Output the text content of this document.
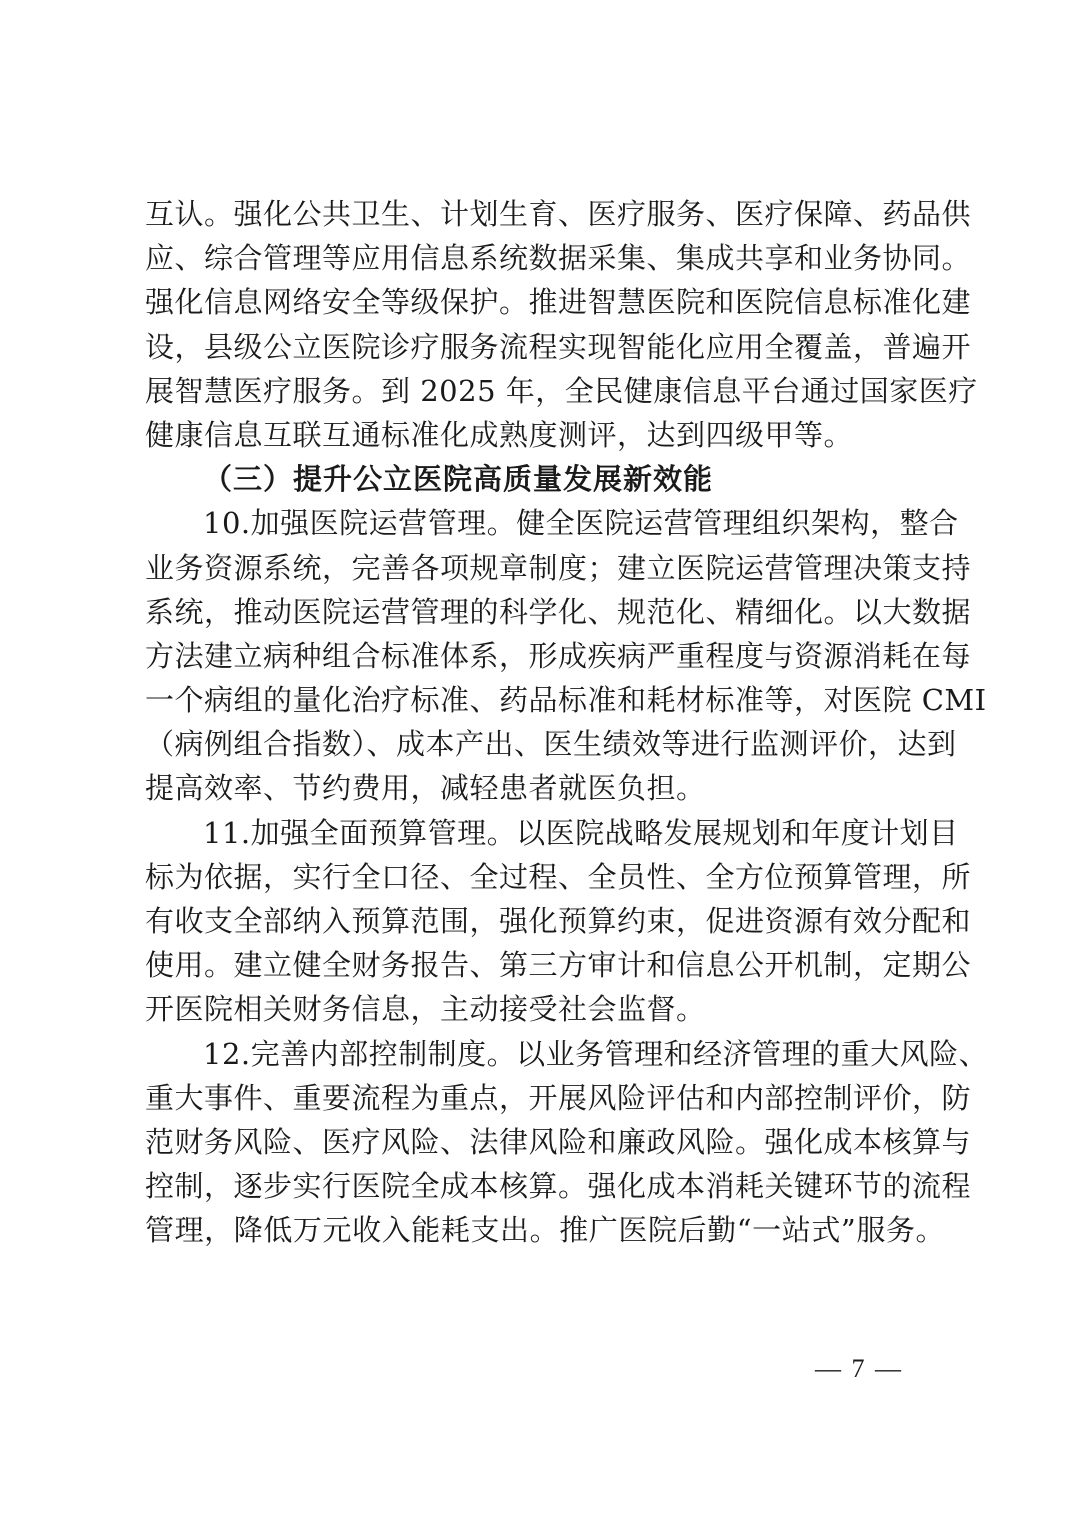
互认。强化公共卫生、计划生育、医疗服务、医疗保障、药品供
应、综合管理等应用信息系统数据采集、集成共享和业务协同。
强化信息网络安全等级保护。推进智慧医院和医院信息标准化建
设，县级公立医院诊疗服务流程实现智能化应用全覆盖，普遍开
展智慧医疗服务。到 2025 年，全民健康信息平台通过国家医疗
健康信息互联互通标准化成熟度测评，达到四级甲等。
（三）提升公立医院高质量发展新效能
10.加强医院运营管理。健全医院运营管理组织架构，整合
业务资源系统，完善各项规章制度；建立医院运营管理决策支持
系统，推动医院运营管理的科学化、规范化、精细化。以大数据
方法建立病种组合标准体系，形成疾病严重程度与资源消耗在每
一个病组的量化治疗标准、药品标准和耗材标准等，对医院 CMI
（病例组合指数）、成本产出、医生绩效等进行监测评价，达到
提高效率、节约费用，减轻患者就医负担。
11.加强全面预算管理。以医院战略发展规划和年度计划目
标为依据，实行全口径、全过程、全员性、全方位预算管理，所
有收支全部纳入预算范围，强化预算约束，促进资源有效分配和
使用。建立健全财务报告、第三方审计和信息公开机制，定期公
开医院相关财务信息，主动接受社会监督。
12.完善内部控制制度。以业务管理和经济管理的重大风险、
重大事件、重要流程为重点，开展风险评估和内部控制评价，防
范财务风险、医疗风险、法律风险和廉政风险。强化成本核算与
控制，逐步实行医院全成本核算。强化成本消耗关键环节的流程
管理，降低万元收入能耗支出。推广医院后勤“一站式”服务。
— 7 —
